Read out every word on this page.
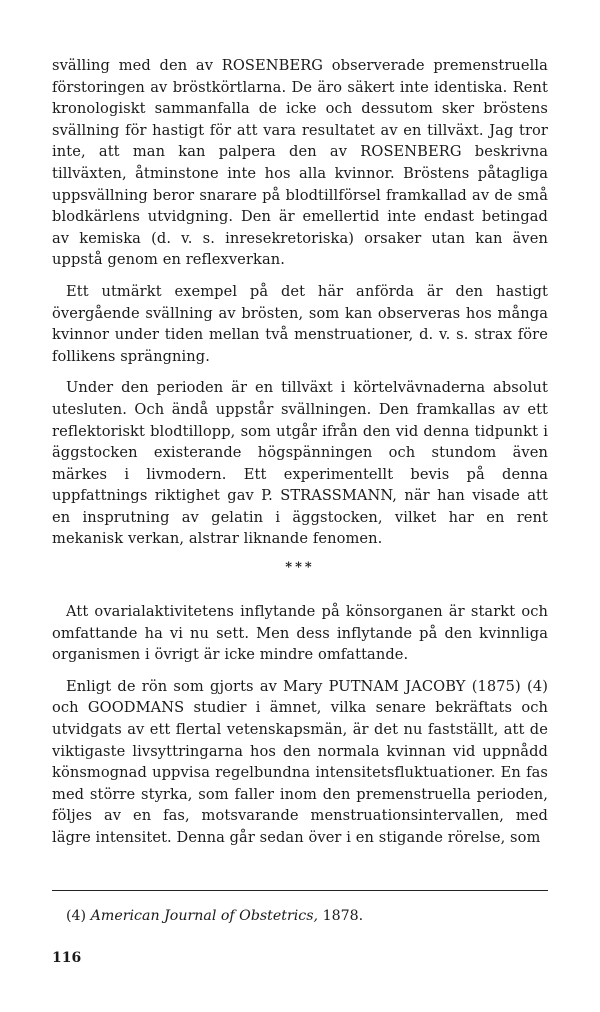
svälling med den av ROSENBERG observerade premenstruella förstoringen av bröstkörtlarna. De äro säkert inte identiska. Rent kronologiskt sammanfalla de icke och dessutom sker bröstens svällning för hastigt för att vara resultatet av en tillväxt. Jag tror inte, att man kan palpera den av ROSENBERG beskrivna tillväxten, åtminstone inte hos alla kvinnor. Bröstens påtagliga uppsvällning beror snarare på blodtillförsel framkallad av de små blodkärlens utvidgning. Den är emellertid inte endast betingad av kemiska (d. v. s. inresekretoriska) orsaker utan kan även uppstå genom en reflexverkan.

Ett utmärkt exempel på det här anförda är den hastigt övergående svällning av brösten, som kan observeras hos många kvinnor under tiden mellan två menstruationer, d. v. s. strax före follikens sprängning.

Under den perioden är en tillväxt i körtelvävnaderna absolut utesluten. Och ändå uppstår svällningen. Den framkallas av ett reflektoriskt blodtillopp, som utgår ifrån den vid denna tidpunkt i äggstocken existerande högspänningen och stundom även märkes i livmodern. Ett experimentellt bevis på denna uppfattnings riktighet gav P. STRASSMANN, när han visade att en insprutning av gelatin i äggstocken, vilket har en rent mekanisk verkan, alstrar liknande fenomen.

***

Att ovarialaktivitetens inflytande på könsorganen är starkt och omfattande ha vi nu sett. Men dess inflytande på den kvinnliga organismen i övrigt är icke mindre omfattande.

Enligt de rön som gjorts av Mary PUTNAM JACOBY (1875) (4) och GOODMANS studier i ämnet, vilka senare bekräftats och utvidgats av ett flertal vetenskapsmän, är det nu fastställt, att de viktigaste livsyttringarna hos den normala kvinnan vid uppnådd könsmognad uppvisa regelbundna intensitetsfluktuationer. En fas med större styrka, som faller inom den premenstruella perioden, följes av en fas, motsvarande menstruationsintervallen, med lägre intensitet. Denna går sedan över i en stigande rörelse, som

(4) American Journal of Obstetrics, 1878.
116
